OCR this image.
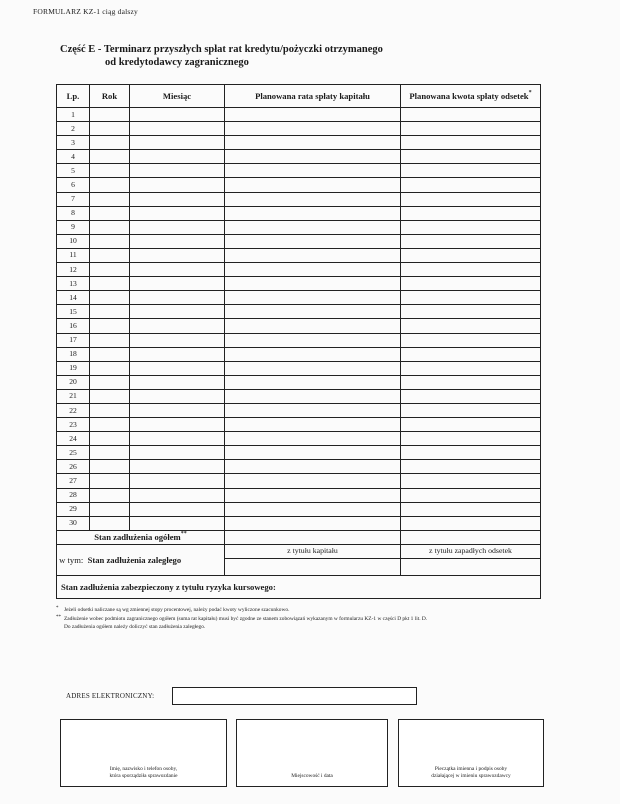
FORMULARZ KZ-1 ciąg dalszy
Część E - Terminarz przyszłych spłat rat kredytu/pożyczki otrzymanego
od kredytodawcy zagranicznego
Lp.	Rok	Miesiąc	Planowana rata spłaty kapitału	Planowana kwota spłaty odsetek*
1				
2				
3				
4				
5				
6				
7				
8				
9				
10				
11				
12				
13				
14				
15				
16				
17				
18				
19				
20				
21				
22				
23				
24				
25				
26				
27				
28				
29				
30				
Stan zadłużenia ogółem**		
w tym: Stan zadłużenia zaległego			z tytułu kapitału	z tytułu zapadłych odsetek

Stan zadłużenia zabezpieczony z tytułu ryzyka kursowego:				
* Jeżeli odsetki naliczane są wg zmiennej stopy procentowej, należy podać kwoty wyliczone szacunkowo.
** Zadłużenie wobec podmiotu zagranicznego ogółem (suma rat kapitału) musi być zgodne ze stanem zobowiązań wykazanym w formularzu KZ-1 w części D pkt 1 lit. D.
Do zadłużenia ogółem należy doliczyć stan zadłużenia zaległego.
ADRES ELEKTRONICZNY:
Imię, nazwisko i telefon osoby,
która sporządziła sprawozdanie	Miejscowość i data
Pieczątka imienna i podpis osoby
działającej w imieniu sprawozdawcy
